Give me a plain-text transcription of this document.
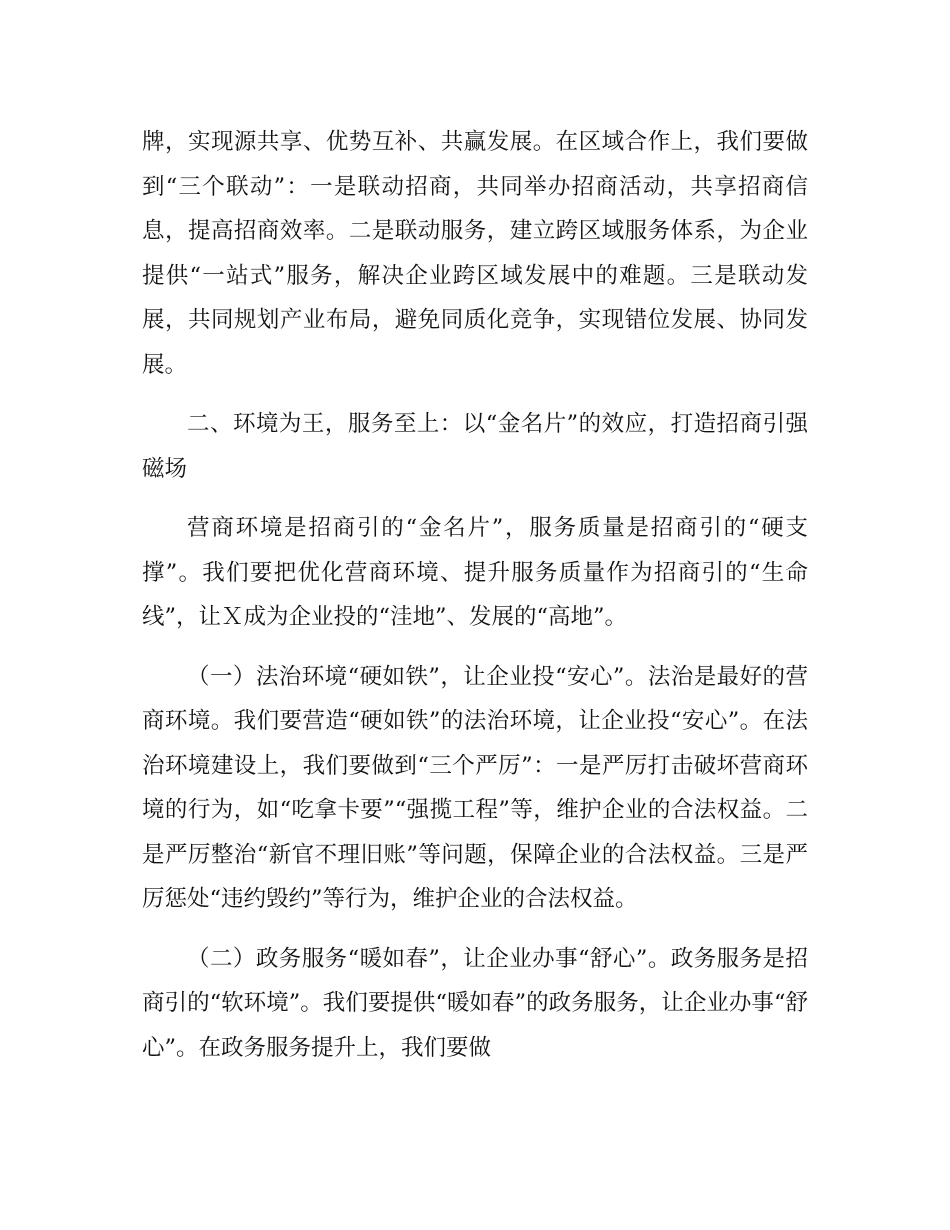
牌，实现源共享、优势互补、共赢发展。在区域合作上，我们要做到“三个联动”：一是联动招商，共同举办招商活动，共享招商信息，提高招商效率。二是联动服务，建立跨区域服务体系，为企业提供“一站式”服务，解决企业跨区域发展中的难题。三是联动发展，共同规划产业布局，避免同质化竞争，实现错位发展、协同发展。

二、环境为王，服务至上：以“金名片”的效应，打造招商引强磁场

营商环境是招商引的“金名片”，服务质量是招商引的“硬支撑”。我们要把优化营商环境、提升服务质量作为招商引的“生命线”，让Ｘ成为企业投的“洼地”、发展的“高地”。

（一）法治环境“硬如铁”，让企业投“安心”。法治是最好的营商环境。我们要营造“硬如铁”的法治环境，让企业投“安心”。在法治环境建设上，我们要做到“三个严厉”：一是严厉打击破坏营商环境的行为，如“吃拿卡要”“强揽工程”等，维护企业的合法权益。二是严厉整治“新官不理旧账”等问题，保障企业的合法权益。三是严厉惩处“违约毁约”等行为，维护企业的合法权益。

（二）政务服务“暖如春”，让企业办事“舒心”。政务服务是招商引的“软环境”。我们要提供“暖如春”的政务服务，让企业办事“舒心”。在政务服务提升上，我们要做
